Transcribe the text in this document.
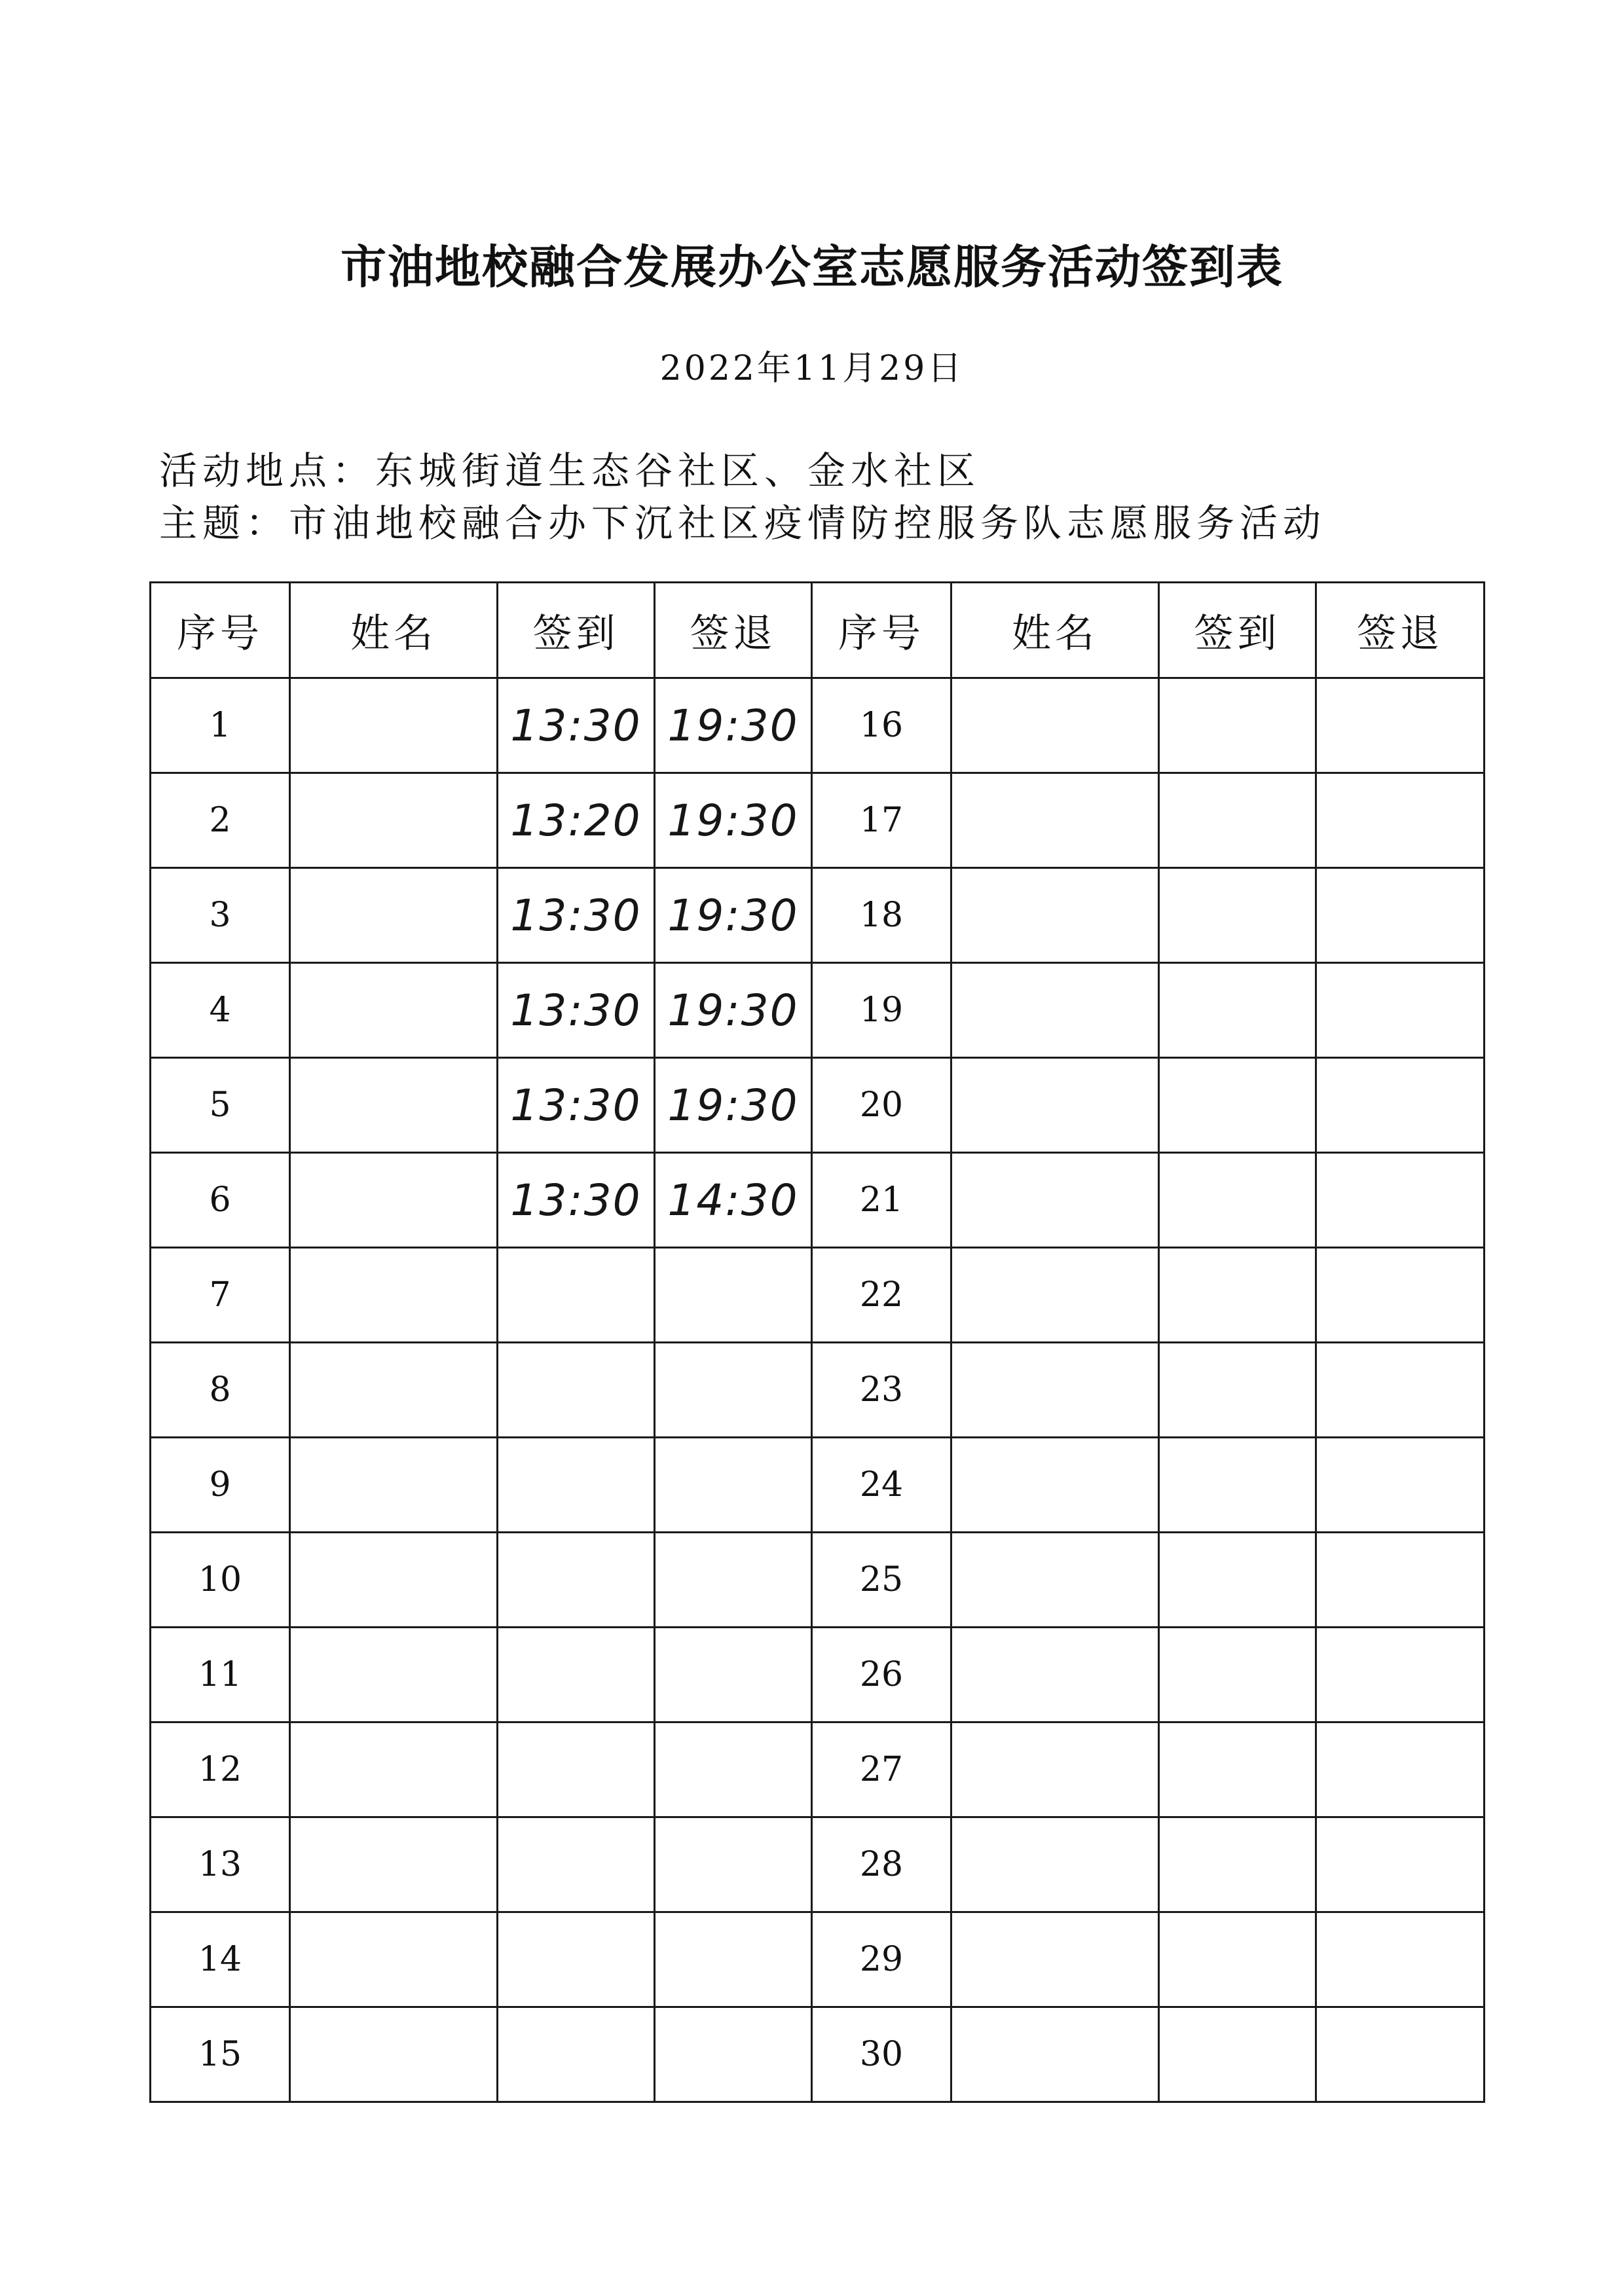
市油地校融合发展办公室志愿服务活动签到表
2022年11月29日
活动地点：东城街道生态谷社区、金水社区
主题：市油地校融合办下沉社区疫情防控服务队志愿服务活动
序号	姓名	签到	签退	序号	姓名	签到	签退
1		13:30	19:30	16			
2		13:20	19:30	17			
3		13:30	19:30	18			
4		13:30	19:30	19			
5		13:30	19:30	20			
6		13:30	14:30	21			
7				22			
8				23			
9				24			
10				25			
11				26			
12				27			
13				28			
14				29			
15				30			
